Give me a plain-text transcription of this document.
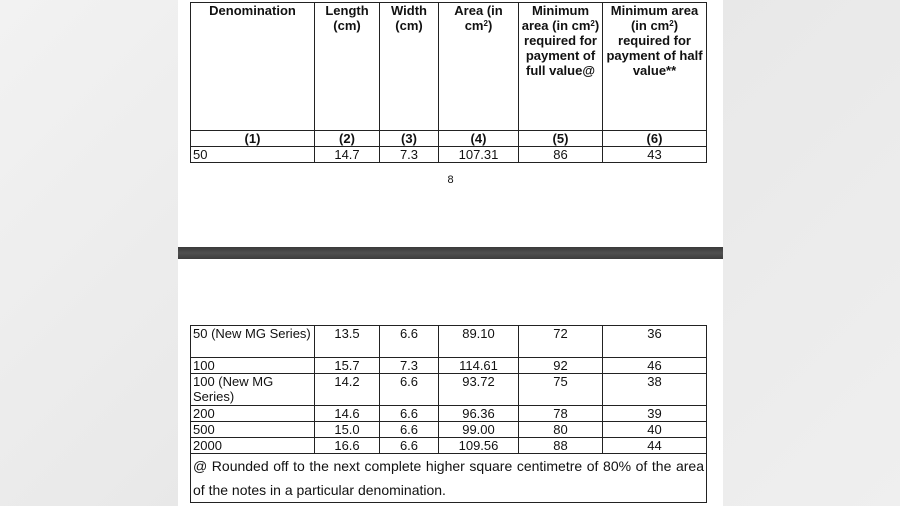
Denomination	Length (cm)	Width (cm)	Area (in $cm^2$)	Minimum area (in $cm^2$) required for payment of full value@	Minimum area (in $cm^2$) required for payment of half value**
(1)	(2)	(3)	(4)	(5)	(6)
50	14.7	7.3	107.31	86	43
8
50 (New MG Series)	13.5	6.6	89.10	72	36
100	15.7	7.3	114.61	92	46
100 (New MG Series)	14.2	6.6	93.72	75	38
200	14.6	6.6	96.36	78	39
500	15.0	6.6	99.00	80	40
2000	16.6	6.6	109.56	88	44
@ Rounded off to the next complete higher square centimetre of 80% of the area of the notes in a particular denomination.					
